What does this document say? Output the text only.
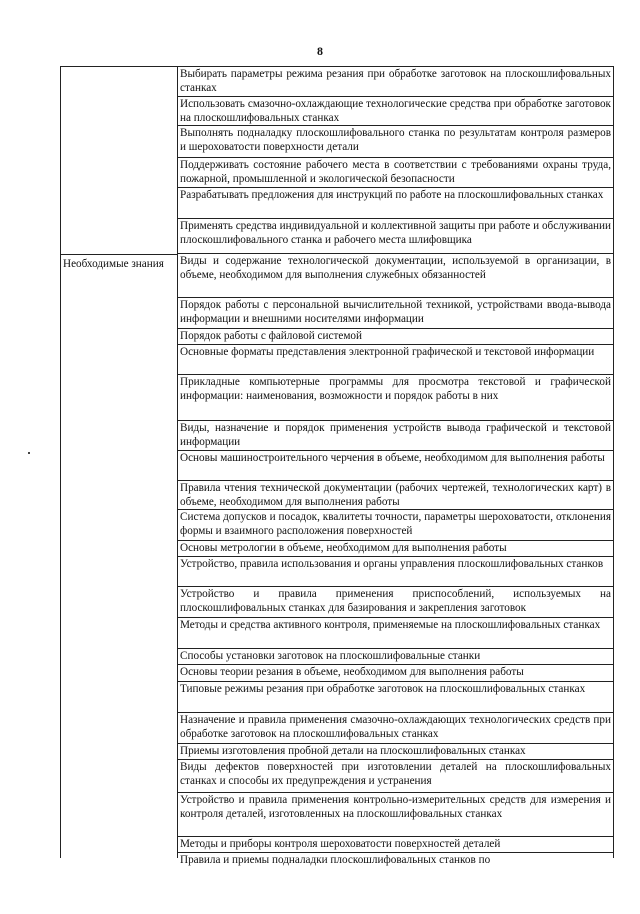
8
Необходимые знания
Выбирать параметры режима резания при обработке заготовок на плоскошлифовальных станках
Использовать смазочно-охлаждающие технологические средства при обработке заготовок на плоскошлифовальных станках
Выполнять подналадку плоскошлифовального станка по результатам контроля размеров и шероховатости поверхности детали
Поддерживать состояние рабочего места в соответствии с требованиями охраны труда, пожарной, промышленной и экологической безопасности
Разрабатывать предложения для инструкций по работе на плоскошлифовальных станках
Применять средства индивидуальной и коллективной защиты при работе и обслуживании плоскошлифовального станка и рабочего места шлифовщика
Виды и содержание технологической документации, используемой в организации, в объеме, необходимом для выполнения служебных обязанностей
Порядок работы с персональной вычислительной техникой, устройствами ввода-вывода информации и внешними носителями информации
Порядок работы с файловой системой
Основные форматы представления электронной графической и текстовой информации
Прикладные компьютерные программы для просмотра текстовой и графической информации: наименования, возможности и порядок работы в них
Виды, назначение и порядок применения устройств вывода графической и текстовой информации
Основы машиностроительного черчения в объеме, необходимом для выполнения работы
Правила чтения технической документации (рабочих чертежей, технологических карт) в объеме, необходимом для выполнения работы
Система допусков и посадок, квалитеты точности, параметры шероховатости, отклонения формы и взаимного расположения поверхностей
Основы метрологии в объеме, необходимом для выполнения работы
Устройство, правила использования и органы управления плоскошлифовальных станков
Устройство и правила применения приспособлений, используемых на плоскошлифовальных станках для базирования и закрепления заготовок
Методы и средства активного контроля, применяемые на плоскошлифовальных станках
Способы установки заготовок на плоскошлифовальные станки
Основы теории резания в объеме, необходимом для выполнения работы
Типовые режимы резания при обработке заготовок на плоскошлифовальных станках
Назначение и правила применения смазочно-охлаждающих технологических средств при обработке заготовок на плоскошлифовальных станках
Приемы изготовления пробной детали на плоскошлифовальных станках
Виды дефектов поверхностей при изготовлении деталей на плоскошлифовальных станках и способы их предупреждения и устранения
Устройство и правила применения контрольно-измерительных средств для измерения и контроля деталей, изготовленных на плоскошлифовальных станках
Методы и приборы контроля шероховатости поверхностей деталей
Правила и приемы подналадки плоскошлифовальных станков по
